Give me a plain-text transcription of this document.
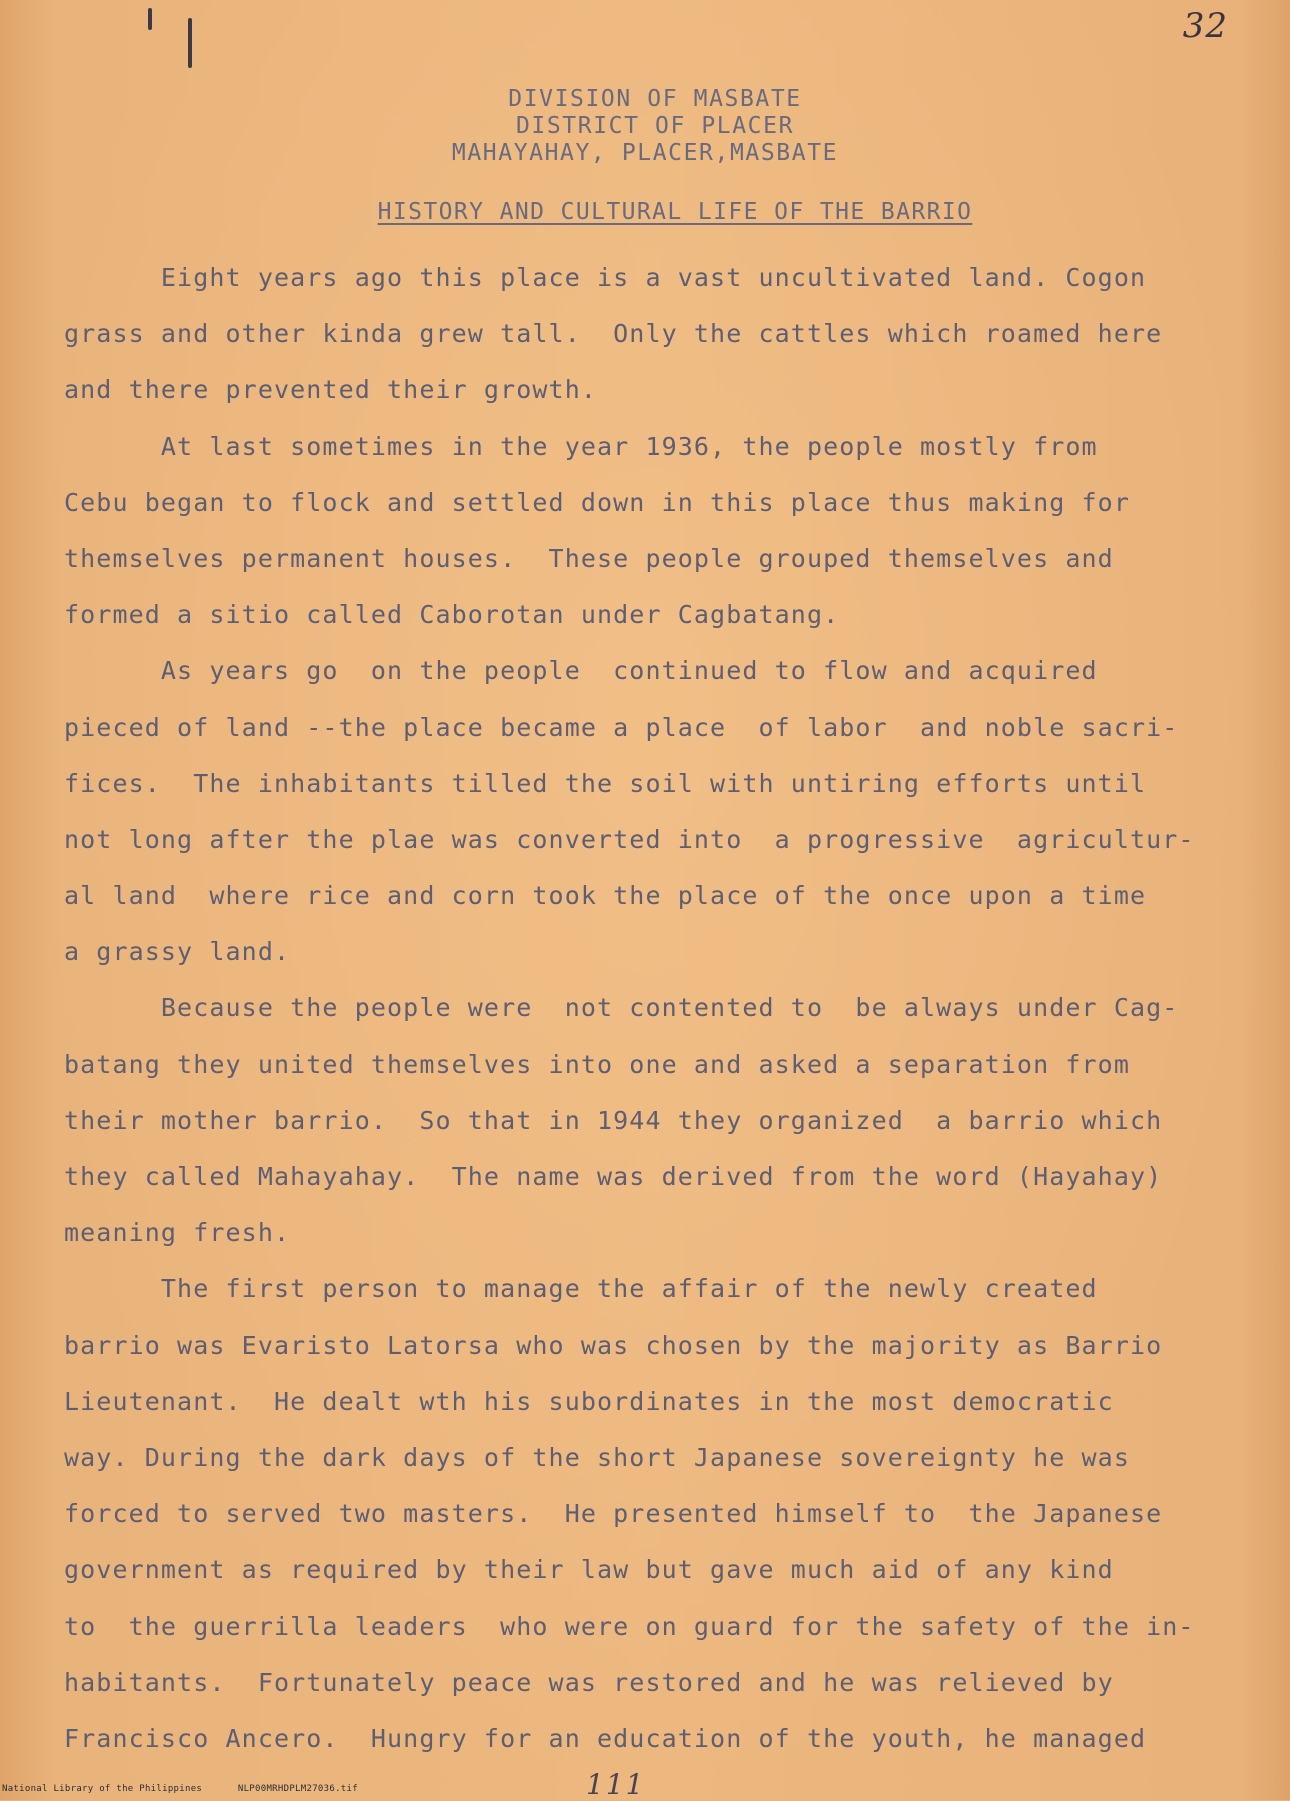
32
DIVISION OF MASBATE
DISTRICT OF PLACER
MAHAYAHAY, PLACER,MASBATE
HISTORY AND CULTURAL LIFE OF THE BARRIO
Eight years ago this place is a vast uncultivated land. Cogon
grass and other kinda grew tall.  Only the cattles which roamed here
and there prevented their growth.
At last sometimes in the year 1936, the people mostly from
Cebu began to flock and settled down in this place thus making for
themselves permanent houses.  These people grouped themselves and
formed a sitio called Caborotan under Cagbatang.
As years go  on the people  continued to flow and acquired
pieced of land --the place became a place  of labor  and noble sacri-
fices.  The inhabitants tilled the soil with untiring efforts until
not long after the plae was converted into  a progressive  agricultur-
al land  where rice and corn took the place of the once upon a time
a grassy land.
Because the people were  not contented to  be always under Cag-
batang they united themselves into one and asked a separation from
their mother barrio.  So that in 1944 they organized  a barrio which
they called Mahayahay.  The name was derived from the word (Hayahay)
meaning fresh.
The first person to manage the affair of the newly created
barrio was Evaristo Latorsa who was chosen by the majority as Barrio
Lieutenant.  He dealt wth his subordinates in the most democratic
way. During the dark days of the short Japanese sovereignty he was
forced to served two masters.  He presented himself to  the Japanese
government as required by their law but gave much aid of any kind
to  the guerrilla leaders  who were on guard for the safety of the in-
habitants.  Fortunately peace was restored and he was relieved by
Francisco Ancero.  Hungry for an education of the youth, he managed
111
National Library of the Philippines	NLP00MRHDPLM27036.tif
